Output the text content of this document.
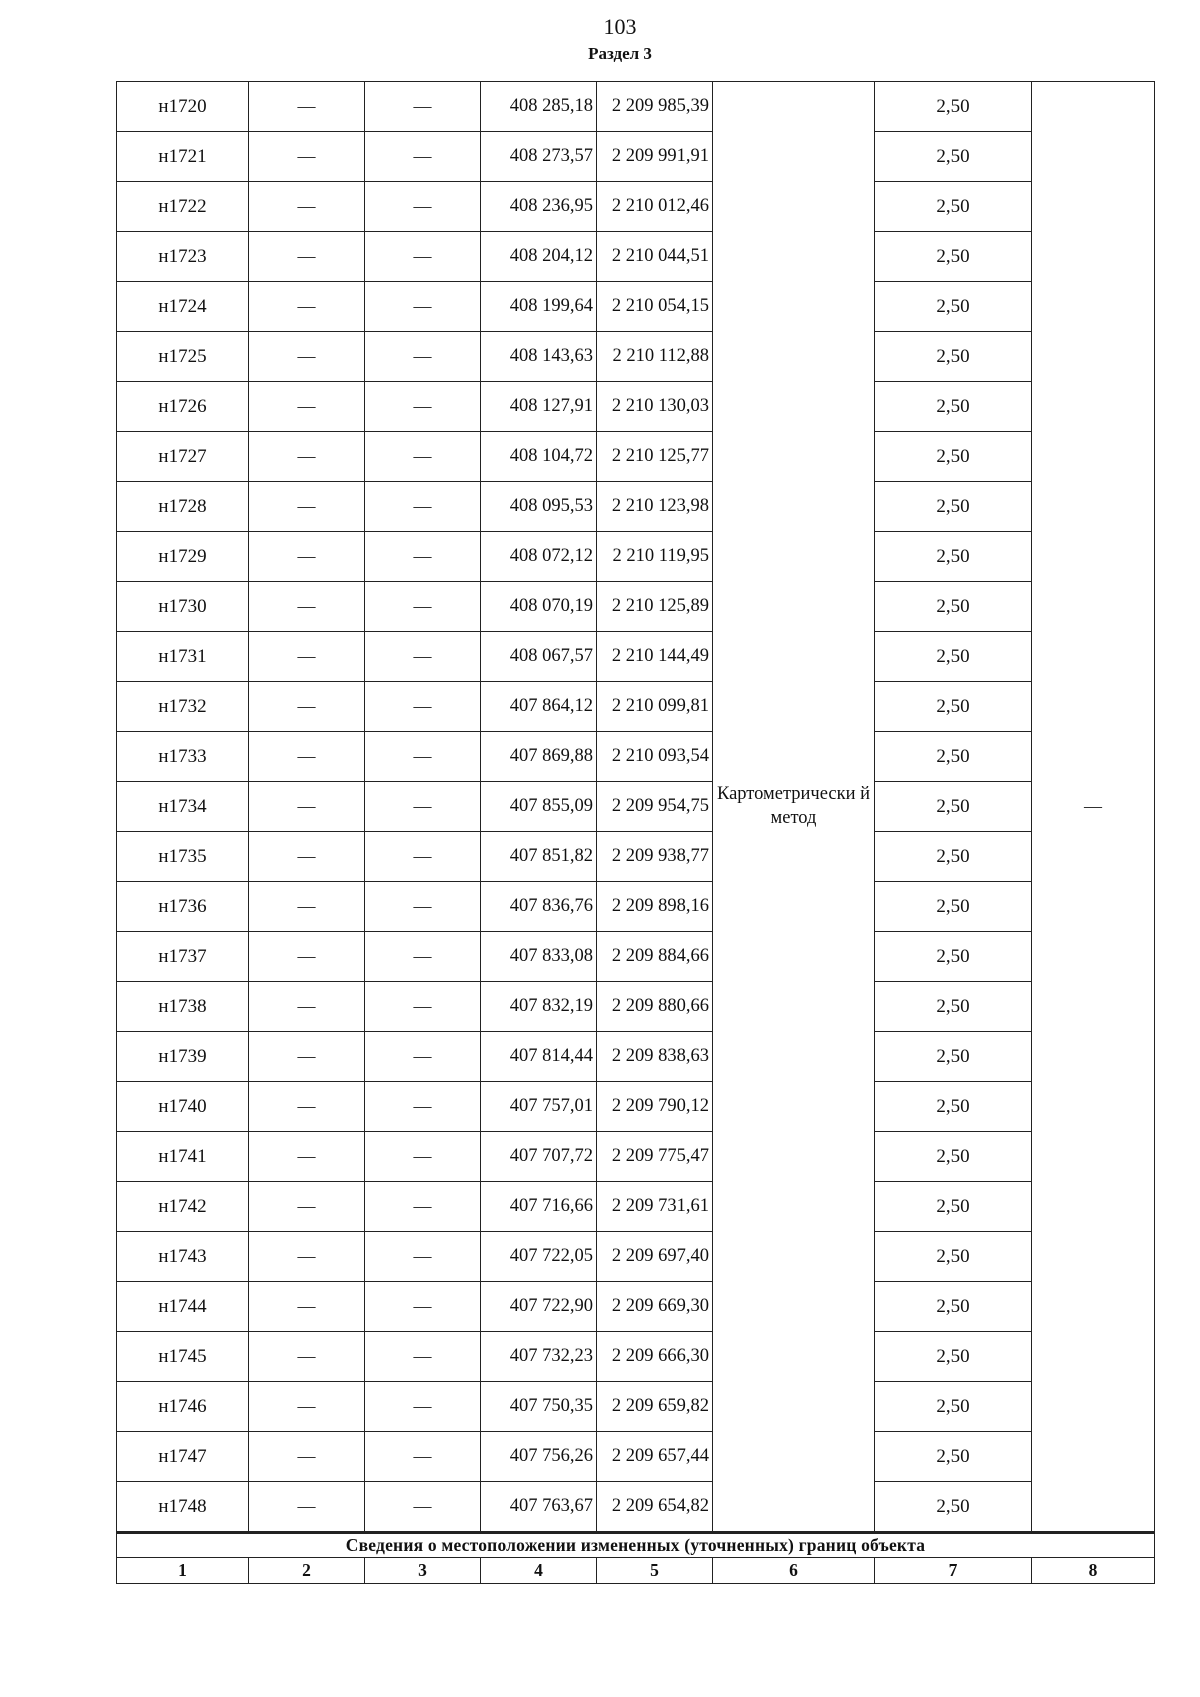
103
Раздел 3
н1720	—	—	408 285,18	2 209 985,39	Картометрически й метод	2,50	—
н1721	—	—	408 273,57	2 209 991,91		2,50	
н1722	—	—	408 236,95	2 210 012,46		2,50	
н1723	—	—	408 204,12	2 210 044,51		2,50	
н1724	—	—	408 199,64	2 210 054,15		2,50	
н1725	—	—	408 143,63	2 210 112,88		2,50	
н1726	—	—	408 127,91	2 210 130,03		2,50	
н1727	—	—	408 104,72	2 210 125,77		2,50	
н1728	—	—	408 095,53	2 210 123,98		2,50	
н1729	—	—	408 072,12	2 210 119,95		2,50	
н1730	—	—	408 070,19	2 210 125,89		2,50	
н1731	—	—	408 067,57	2 210 144,49		2,50	
н1732	—	—	407 864,12	2 210 099,81		2,50	
н1733	—	—	407 869,88	2 210 093,54		2,50	
н1734	—	—	407 855,09	2 209 954,75		2,50	
н1735	—	—	407 851,82	2 209 938,77		2,50	
н1736	—	—	407 836,76	2 209 898,16		2,50	
н1737	—	—	407 833,08	2 209 884,66		2,50	
н1738	—	—	407 832,19	2 209 880,66		2,50	
н1739	—	—	407 814,44	2 209 838,63		2,50	
н1740	—	—	407 757,01	2 209 790,12		2,50	
н1741	—	—	407 707,72	2 209 775,47		2,50	
н1742	—	—	407 716,66	2 209 731,61		2,50	
н1743	—	—	407 722,05	2 209 697,40		2,50	
н1744	—	—	407 722,90	2 209 669,30		2,50	
н1745	—	—	407 732,23	2 209 666,30		2,50	
н1746	—	—	407 750,35	2 209 659,82		2,50	
н1747	—	—	407 756,26	2 209 657,44		2,50	
н1748	—	—	407 763,67	2 209 654,82		2,50	
Сведения о местоположении измененных (уточненных) границ объекта							
1	2	3	4	5	6	7	8
